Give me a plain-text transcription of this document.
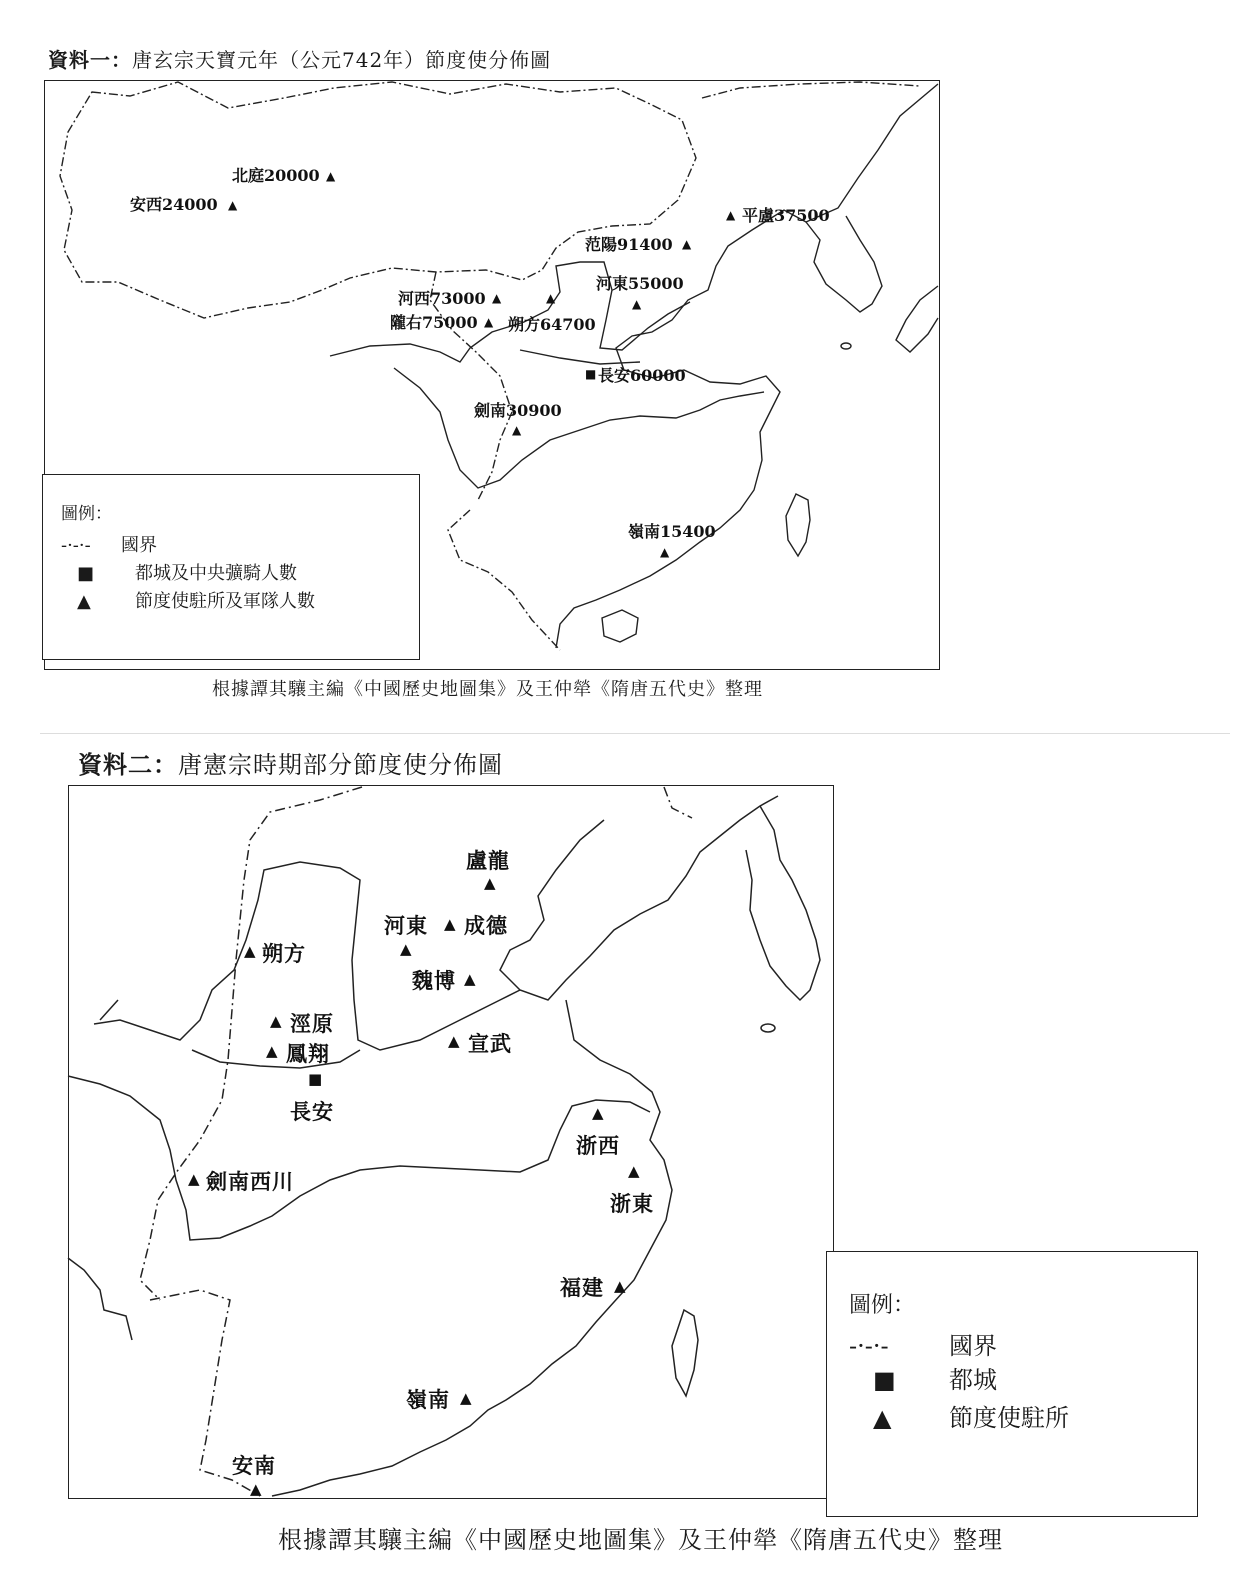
資料一：唐玄宗天寶元年（公元742年）節度使分佈圖
北庭20000 ▲
安西24000 ▲
▲ 平盧37500
范陽91400 ▲
河東55000
▲
河西73000 ▲	▲
隴右75000 ▲ 朔方64700
■ 長安60000
劍南30900
▲
嶺南15400
▲
圖例：
-·-·- 國界
■ 都城及中央彍騎人數
▲ 節度使駐所及軍隊人數
根據譚其驤主編《中國歷史地圖集》及王仲犖《隋唐五代史》整理
資料二：唐憲宗時期部分節度使分佈圖
盧龍
▲
河東 ▲ 成德
▲
▲ 朔方
魏博 ▲
▲ 涇原
▲ 鳳翔	▲ 宣武
■
長安	▲
浙西
▲ 劍南西川	▲
浙東
福建 ▲
嶺南 ▲
安南
▲
圖例：
-·-·-	國界
■ 都城
▲ 節度使駐所
根據譚其驤主編《中國歷史地圖集》及王仲犖《隋唐五代史》整理
